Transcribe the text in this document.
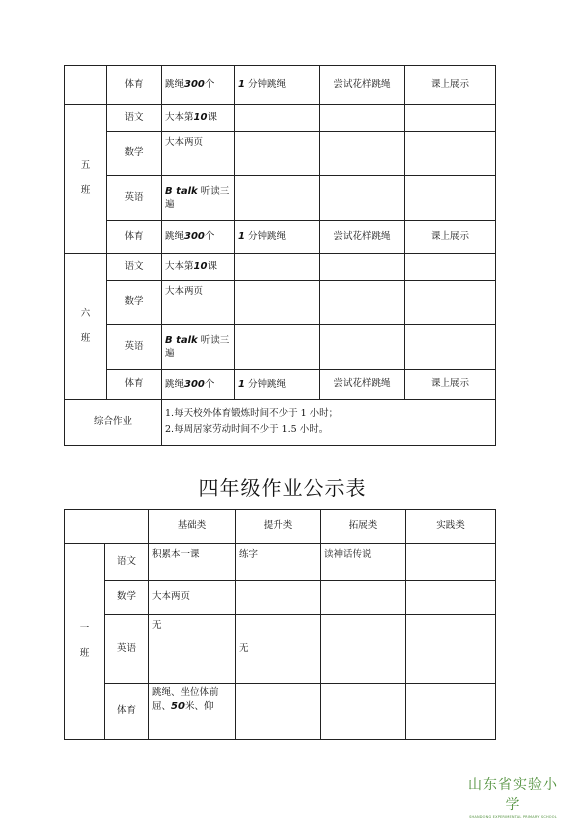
	体育	跳绳300个	1 分钟跳绳	尝试花样跳绳	课上展示

五
班	语文	大本第10课			
	数学	大本两页			
	英语	B talk 听读三
遍			
	体育	跳绳300个	1 分钟跳绳	尝试花样跳绳	课上展示

六
班	语文	大本第10课			
	数学	大本两页			
	英语	B talk 听读三
遍			
	体育	跳绳300个	1 分钟跳绳	尝试花样跳绳	课上展示
综合作业		1.每天校外体育锻炼时间不少于 1 小时；
2.每周居家劳动时间不少于 1.5 小时。			
四年级作业公示表
		基础类	提升类	拓展类	实践类

一
班	语文	积累本一课	练字	读神话传说	
	数学	大本两页			
	英语	无	无		
	体育	跳绳、坐位体前
屈、50米、仰			
山东省实验小学
SHANDONG EXPERIMENTAL PRIMARY SCHOOL
